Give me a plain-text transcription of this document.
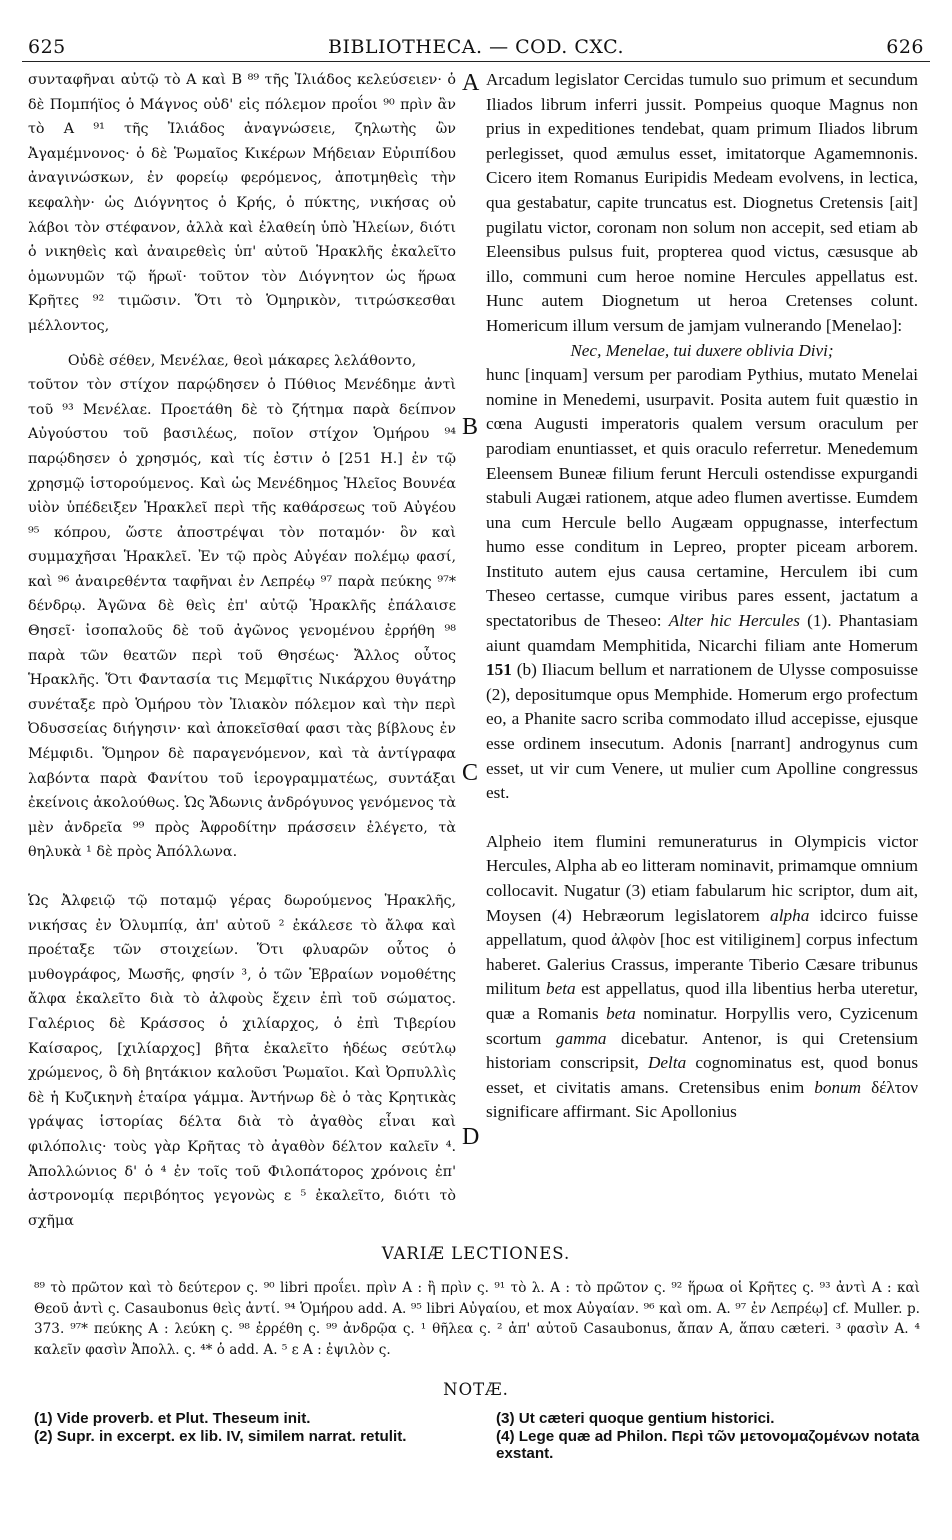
625	BIBLIOTHECA. — COD. CXC.	626

συνταφῆναι αὐτῷ τὸ Α καὶ Β ⁸⁹ τῆς Ἰλιάδος κελεύσειεν· ὁ δὲ Πομπήϊος ὁ Μάγνος οὐδ' εἰς πόλεμον προΐοι ⁹⁰ πρὶν ἂν τὸ Α ⁹¹ τῆς Ἰλιάδος ἀναγνώσειε, ζηλωτὴς ὢν Ἀγαμέμνονος· ὁ δὲ Ῥωμαῖος Κικέρων Μήδειαν Εὐριπίδου ἀναγινώσκων, ἐν φορείῳ φερόμενος, ἀποτμηθεὶς τὴν κεφαλὴν· ὡς Διόγνητος ὁ Κρής, ὁ πύκτης, νικήσας οὐ λάβοι τὸν στέφανον, ἀλλὰ καὶ ἐλαθείη ὑπὸ Ἠλείων, διότι ὁ νικηθεὶς καὶ ἀναιρεθεὶς ὑπ' αὐτοῦ Ἡρακλῆς ἐκαλεῖτο ὁμωνυμῶν τῷ ἥρωϊ· τοῦτον τὸν Διόγνητον ὡς ἥρωα Κρῆτες ⁹² τιμῶσιν. Ὅτι τὸ Ὁμηρικὸν, τιτρώσκεσθαι μέλλοντος,

Οὐδὲ σέθεν, Μενέλαε, θεοὶ μάκαρες λελάθοντο,

τοῦτον τὸν στίχον παρῴδησεν ὁ Πύθιος Μενέδημε ἀντὶ τοῦ ⁹³ Μενέλαε. Προετάθη δὲ τὸ ζήτημα παρὰ δείπνον Αὐγούστου τοῦ βασιλέως, ποῖον στίχον Ὁμήρου ⁹⁴ παρῴδησεν ὁ χρησμός, καὶ τίς ἐστιν ὁ [251 H.] ἐν τῷ χρησμῷ ἱστορούμενος. Καὶ ὡς Μενέδημος Ἠλεῖος Βουνέα υἱὸν ὑπέδειξεν Ἡρακλεῖ περὶ τῆς καθάρσεως τοῦ Αὐγέου ⁹⁵ κόπρου, ὥστε ἀποστρέψαι τὸν ποταμόν· ὃν καὶ συμμαχῆσαι Ἡρακλεῖ. Ἐν τῷ πρὸς Αὐγέαν πολέμῳ φασί, καὶ ⁹⁶ ἀναιρεθέντα ταφῆναι ἐν Λεπρέῳ ⁹⁷ παρὰ πεύκης ⁹⁷* δένδρῳ. Ἀγῶνα δὲ θεὶς ἐπ' αὐτῷ Ἡρακλῆς ἐπάλαισε Θησεῖ· ἰσοπαλοῦς δὲ τοῦ ἀγῶνος γενομένου ἐρρήθη ⁹⁸ παρὰ τῶν θεατῶν περὶ τοῦ Θησέως· Ἄλλος οὗτος Ἡρακλῆς. Ὅτι Φαντασία τις Μεμφῖτις Νικάρχου θυγάτηρ συνέταξε πρὸ Ὁμήρου τὸν Ἰλιακὸν πόλεμον καὶ τὴν περὶ Ὀδυσσείας διήγησιν· καὶ ἀποκεῖσθαί φασι τὰς βίβλους ἐν Μέμφιδι. Ὅμηρον δὲ παραγενόμενον, καὶ τὰ ἀντίγραφα λαβόντα παρὰ Φανίτου τοῦ ἱερογραμματέως, συντάξαι ἐκείνοις ἀκολούθως. Ὡς Ἄδωνις ἀνδρόγυνος γενόμενος τὰ μὲν ἀνδρεῖα ⁹⁹ πρὸς Ἀφροδίτην πράσσειν ἐλέγετο, τὰ θηλυκὰ ¹ δὲ πρὸς Ἀπόλλωνα.

Ὡς Ἀλφειῷ τῷ ποταμῷ γέρας δωρούμενος Ἡρακλῆς, νικήσας ἐν Ὀλυμπίᾳ, ἀπ' αὐτοῦ ² ἐκάλεσε τὸ ἄλφα καὶ προέταξε τῶν στοιχείων. Ὅτι φλυαρῶν οὗτος ὁ μυθογράφος, Μωσῆς, φησίν ³, ὁ τῶν Ἑβραίων νομοθέτης ἄλφα ἐκαλεῖτο διὰ τὸ ἀλφοὺς ἔχειν ἐπὶ τοῦ σώματος. Γαλέριος δὲ Κράσσος ὁ χιλίαρχος, ὁ ἐπὶ Τιβερίου Καίσαρος, [χιλίαρχος] βῆτα ἐκαλεῖτο ἡδέως σεύτλῳ χρώμενος, ὃ δὴ βητάκιον καλοῦσι Ῥωμαῖοι. Καὶ Ὀρπυλλὶς δὲ ἡ Κυζικηνὴ ἑταίρα γάμμα. Ἀντήνωρ δὲ ὁ τὰς Κρητικὰς γράψας ἱστορίας δέλτα διὰ τὸ ἀγαθὸς εἶναι καὶ φιλόπολις· τοὺς γὰρ Κρῆτας τὸ ἀγαθὸν δέλτον καλεῖν ⁴. Ἀπολλώνιος δ' ὁ ⁴ ἐν τοῖς τοῦ Φιλοπάτορος χρόνοις ἐπ' ἀστρονομίᾳ περιβόητος γεγονὼς ε ⁵ ἐκαλεῖτο, διότι τὸ σχῆμα

A
B
C
D

Arcadum legislator Cercidas tumulo suo primum et secundum Iliados librum inferri jussit. Pompeius quoque Magnus non prius in expeditiones tendebat, quam primum Iliados librum perlegisset, quod æmulus esset, imitatorque Agamemnonis. Cicero item Romanus Euripidis Medeam evolvens, in lectica, qua gestabatur, capite truncatus est. Diognetus Cretensis [ait] pugilatu victor, coronam non solum non accepit, sed etiam ab Eleensibus pulsus fuit, propterea quod victus, cæsusque ab illo, communi cum heroe nomine Hercules appellatus est. Hunc autem Diognetum ut heroa Cretenses colunt. Homericum illum versum de jamjam vulnerando [Menelao]:

Nec, Menelae, tui duxere oblivia Divi;

hunc [inquam] versum per parodiam Pythius, mutato Menelai nomine in Menedemi, usurpavit. Posita autem fuit quæstio in cœna Augusti imperatoris qualem versum oraculum per parodiam enuntiasset, et quis oraculo referretur. Menedemum Eleensem Buneæ filium ferunt Herculi ostendisse expurgandi stabuli Augæi rationem, atque adeo flumen avertisse. Eumdem una cum Hercule bello Augæam oppugnasse, interfectum humo esse conditum in Lepreo, propter piceam arborem. Instituto autem ejus causa certamine, Herculem ibi cum Theseo certasse, cumque viribus pares essent, jactatum a spectatoribus de Theseo: Alter hic Hercules (1). Phantasiam aiunt quamdam Memphitida, Nicarchi filiam ante Homerum 151 (b) Iliacum bellum et narrationem de Ulysse composuisse (2), depositumque opus Memphide. Homerum ergo profectum eo, a Phanite sacro scriba commodato illud accepisse, ejusque esse ordinem insecutum. Adonis [narrant] androgynus cum esset, ut vir cum Venere, ut mulier cum Apolline congressus est.

Alpheio item flumini remuneraturus in Olympicis victor Hercules, Alpha ab eo litteram nominavit, primamque omnium collocavit. Nugatur (3) etiam fabularum hic scriptor, dum ait, Moysen (4) Hebræorum legislatorem alpha idcirco fuisse appellatum, quod ἀλφὸν [hoc est vitiliginem] corpus infectum haberet. Galerius Crassus, imperante Tiberio Cæsare tribunus militum beta est appellatus, quod illa libentius herba uteretur, quæ a Romanis beta nominatur. Horpyllis vero, Cyzicenum scortum gamma dicebatur. Antenor, is qui Cretensium historiam conscripsit, Delta cognominatus est, quod bonus esset, et civitatis amans. Cretensibus enim bonum δέλτον significare affirmant. Sic Apollonius

VARIÆ LECTIONES.

⁸⁹ τὸ πρῶτον καὶ τὸ δεύτερον ς. ⁹⁰ libri προΐει. πρὶν A : ἢ πρὶν ς. ⁹¹ τὸ λ. A : τὸ πρῶτον ς. ⁹² ἥρωα οἱ Κρῆτες ς. ⁹³ ἀντὶ A : καὶ Θεοῦ ἀντὶ ς. Casaubonus θεὶς ἀντί. ⁹⁴ Ὁμήρου add. A. ⁹⁵ libri Αὐγαίου, et mox Αὐγαίαν. ⁹⁶ καὶ om. A. ⁹⁷ ἐν Λεπρέῳ] cf. Muller. p. 373. ⁹⁷* πεύκης A : λεύκη ς. ⁹⁸ ἐρρέθη ς. ⁹⁹ ἀνδρῷα ς. ¹ θῆλεα ς. ² ἀπ' αὐτοῦ Casaubonus, ἄπαν A, ἅπαυ cæteri. ³ φασὶν A. ⁴ καλεῖν φασὶν Ἀπολλ. ς. ⁴* ὁ add. A. ⁵ ε A : ἐψιλὸν ς.

NOTÆ.

(1) Vide proverb. et Plut. Theseum init.

(2) Supr. in excerpt. ex lib. IV, similem narrat. retulit.

(3) Ut cæteri quoque gentium historici.

(4) Lege quæ ad Philon. Περὶ τῶν μετονομαζομένων notata exstant.
